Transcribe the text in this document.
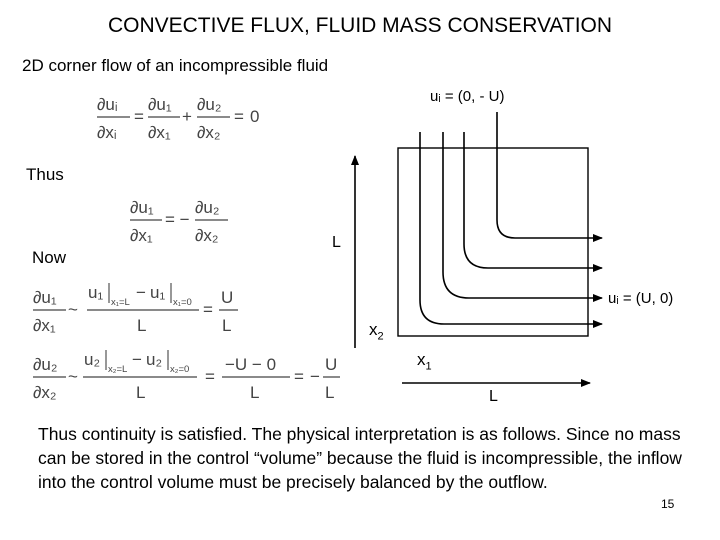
CONVECTIVE FLUX, FLUID MASS CONSERVATION
2D corner flow of an incompressible fluid
∂uᵢ
∂xᵢ
=
∂u₁
∂x₁
+
∂u₂
∂x₂
= 0
∂u₁
∂x₁
= −
∂u₂
∂x₂
∂u₁
∂x₁
~
u₁
x₁=L
− u₁
x₁=0
L
=
U
L
∂u₂
∂x₂
~
u₂
x₂=L
− u₂
x₂=0
L
=
−U − 0
L
= −
U
L
Thus
Now
uᵢ = (0, - U)
uᵢ = (U, 0)
L
L
$x_2$
$x_1$
Thus continuity is satisfied. The physical interpretation is as follows. Since no mass can be stored in the control “volume” because the fluid is incompressible, the inflow into the control volume must be precisely balanced by the outflow.
15
